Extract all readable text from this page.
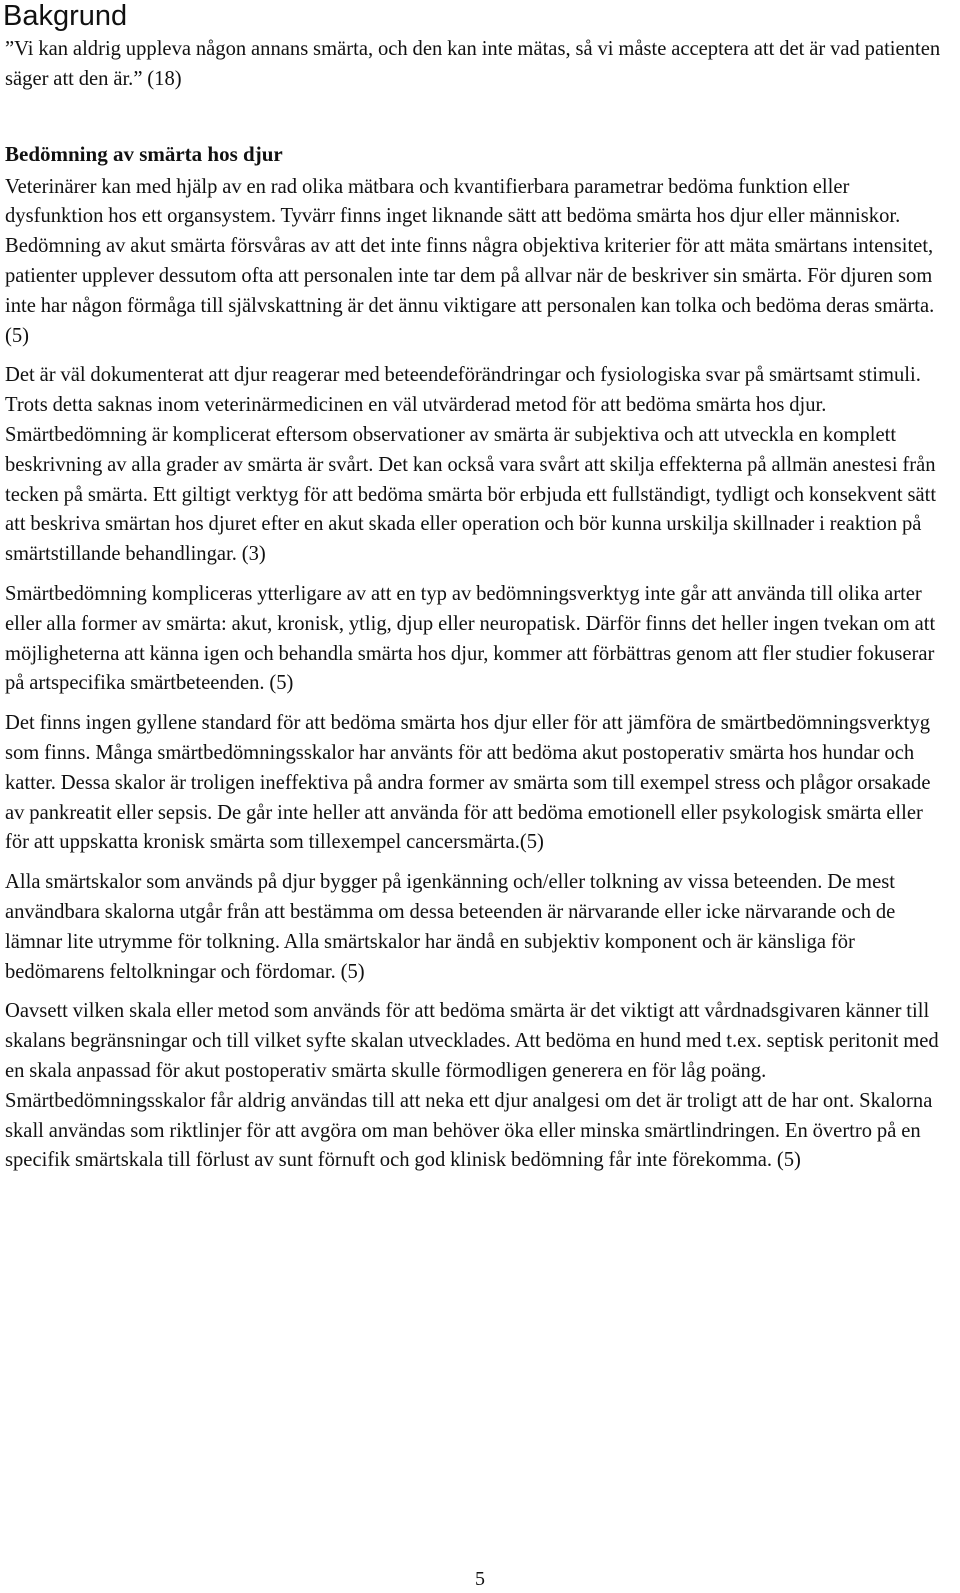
Bakgrund

”Vi kan aldrig uppleva någon annans smärta, och den kan inte mätas, så vi måste acceptera att det är vad patienten säger att den är.” (18)

Bedömning av smärta hos djur

Veterinärer kan med hjälp av en rad olika mätbara och kvantifierbara parametrar bedöma funktion eller dysfunktion hos ett organsystem. Tyvärr finns inget liknande sätt att bedöma smärta hos djur eller människor. Bedömning av akut smärta försvåras av att det inte finns några objektiva kriterier för att mäta smärtans intensitet, patienter upplever dessutom ofta att personalen inte tar dem på allvar när de beskriver sin smärta. För djuren som inte har någon förmåga till självskattning är det ännu viktigare att personalen kan tolka och bedöma deras smärta.(5)

Det är väl dokumenterat att djur reagerar med beteendeförändringar och fysiologiska svar på smärtsamt stimuli. Trots detta saknas inom veterinärmedicinen en väl utvärderad metod för att bedöma smärta hos djur. Smärtbedömning är komplicerat eftersom observationer av smärta är subjektiva och att utveckla en komplett beskrivning av alla grader av smärta är svårt. Det kan också vara svårt att skilja effekterna på allmän anestesi från tecken på smärta. Ett giltigt verktyg för att bedöma smärta bör erbjuda ett fullständigt, tydligt och konsekvent sätt att beskriva smärtan hos djuret efter en akut skada eller operation och bör kunna urskilja skillnader i reaktion på smärtstillande behandlingar. (3)

Smärtbedömning kompliceras ytterligare av att en typ av bedömningsverktyg inte går att använda till olika arter eller alla former av smärta: akut, kronisk, ytlig, djup eller neuropatisk. Därför finns det heller ingen tvekan om att möjligheterna att känna igen och behandla smärta hos djur, kommer att förbättras genom att fler studier fokuserar på artspecifika smärtbeteenden. (5)

Det finns ingen gyllene standard för att bedöma smärta hos djur eller för att jämföra de smärtbedömningsverktyg som finns. Många smärtbedömningsskalor har använts för att bedöma akut postoperativ smärta hos hundar och katter. Dessa skalor är troligen ineffektiva på andra former av smärta som till exempel stress och plågor orsakade av pankreatit eller sepsis. De går inte heller att använda för att bedöma emotionell eller psykologisk smärta eller för att uppskatta kronisk smärta som tillexempel cancersmärta.(5)

Alla smärtskalor som används på djur bygger på igenkänning och/eller tolkning av vissa beteenden. De mest användbara skalorna utgår från att bestämma om dessa beteenden är närvarande eller icke närvarande och de lämnar lite utrymme för tolkning. Alla smärtskalor har ändå en subjektiv komponent och är känsliga för bedömarens feltolkningar och fördomar. (5)

Oavsett vilken skala eller metod som används för att bedöma smärta är det viktigt att vårdnadsgivaren känner till skalans begränsningar och till vilket syfte skalan utvecklades. Att bedöma en hund med t.ex. septisk peritonit med en skala anpassad för akut postoperativ smärta skulle förmodligen generera en för låg poäng. Smärtbedömningsskalor får aldrig användas till att neka ett djur analgesi om det är troligt att de har ont. Skalorna skall användas som riktlinjer för att avgöra om man behöver öka eller minska smärtlindringen. En övertro på en specifik smärtskala till förlust av sunt förnuft och god klinisk bedömning får inte förekomma. (5)

5
